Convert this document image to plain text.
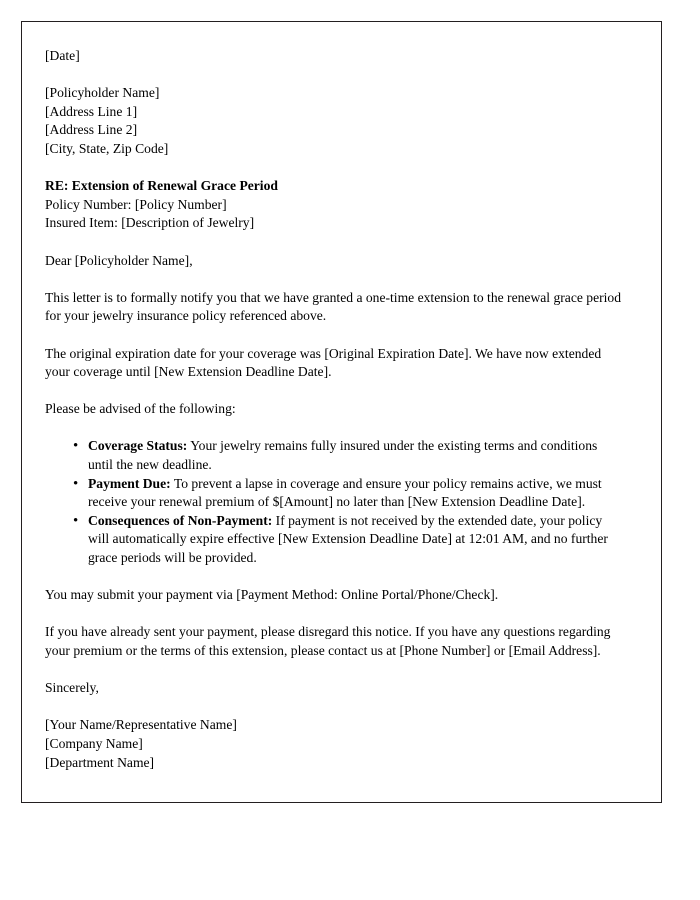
[Date]
[Policyholder Name]
[Address Line 1]
[Address Line 2]
[City, State, Zip Code]
RE: Extension of Renewal Grace Period
Policy Number: [Policy Number]
Insured Item: [Description of Jewelry]

Dear [Policyholder Name],

This letter is to formally notify you that we have granted a one-time extension to the renewal grace period for your jewelry insurance policy referenced above.

The original expiration date for your coverage was [Original Expiration Date]. We have now extended your coverage until [New Extension Deadline Date].

Please be advised of the following:

• Coverage Status: Your jewelry remains fully insured under the existing terms and conditions until the new deadline.
• Payment Due: To prevent a lapse in coverage and ensure your policy remains active, we must receive your renewal premium of $[Amount] no later than [New Extension Deadline Date].
• Consequences of Non-Payment: If payment is not received by the extended date, your policy will automatically expire effective [New Extension Deadline Date] at 12:01 AM, and no further grace periods will be provided.

You may submit your payment via [Payment Method: Online Portal/Phone/Check].

If you have already sent your payment, please disregard this notice. If you have any questions regarding your premium or the terms of this extension, please contact us at [Phone Number] or [Email Address].

Sincerely,

[Your Name/Representative Name]
[Company Name]
[Department Name]
